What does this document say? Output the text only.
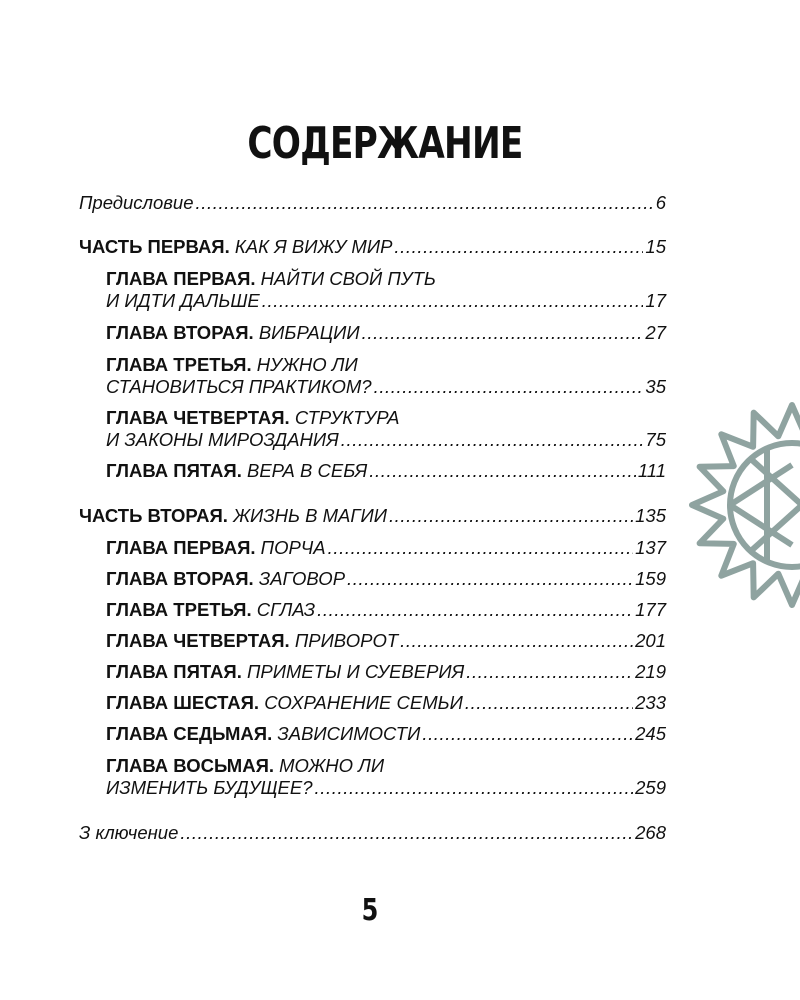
СОДЕРЖАНИЕ
Предисловие .....	6
ЧАСТЬ ПЕРВАЯ.
КАК Я ВИЖУ МИР .....	15
ГЛАВА ПЕРВАЯ.
НАЙТИ СВОЙ ПУТЬ
И ИДТИ ДАЛЬШЕ .....	17
ГЛАВА ВТОРАЯ.
ВИБРАЦИИ .....	27
ГЛАВА ТРЕТЬЯ.
НУЖНО ЛИ
СТАНОВИТЬСЯ ПРАКТИКОМ? .....	35
ГЛАВА ЧЕТВЕРТАЯ.
СТРУКТУРА
И ЗАКОНЫ МИРОЗДАНИЯ .....	75
ГЛАВА ПЯТАЯ.
ВЕРА В СЕБЯ .....	111
ЧАСТЬ ВТОРАЯ.
ЖИЗНЬ В МАГИИ .....	135
ГЛАВА ПЕРВАЯ.
ПОРЧА .....	137
ГЛАВА ВТОРАЯ.
ЗАГОВОР .....	159
ГЛАВА ТРЕТЬЯ.
СГЛАЗ .....	177
ГЛАВА ЧЕТВЕРТАЯ.
ПРИВОРОТ .....	201
ГЛАВА ПЯТАЯ.
ПРИМЕТЫ И СУЕВЕРИЯ .....	219
ГЛАВА ШЕСТАЯ.
СОХРАНЕНИЕ СЕМЬИ .....	233
ГЛАВА СЕДЬМАЯ.
ЗАВИСИМОСТИ .....	245
ГЛАВА ВОСЬМАЯ.
МОЖНО ЛИ
ИЗМЕНИТЬ БУДУЩЕЕ? .....	259
З ключение .....	268
5
